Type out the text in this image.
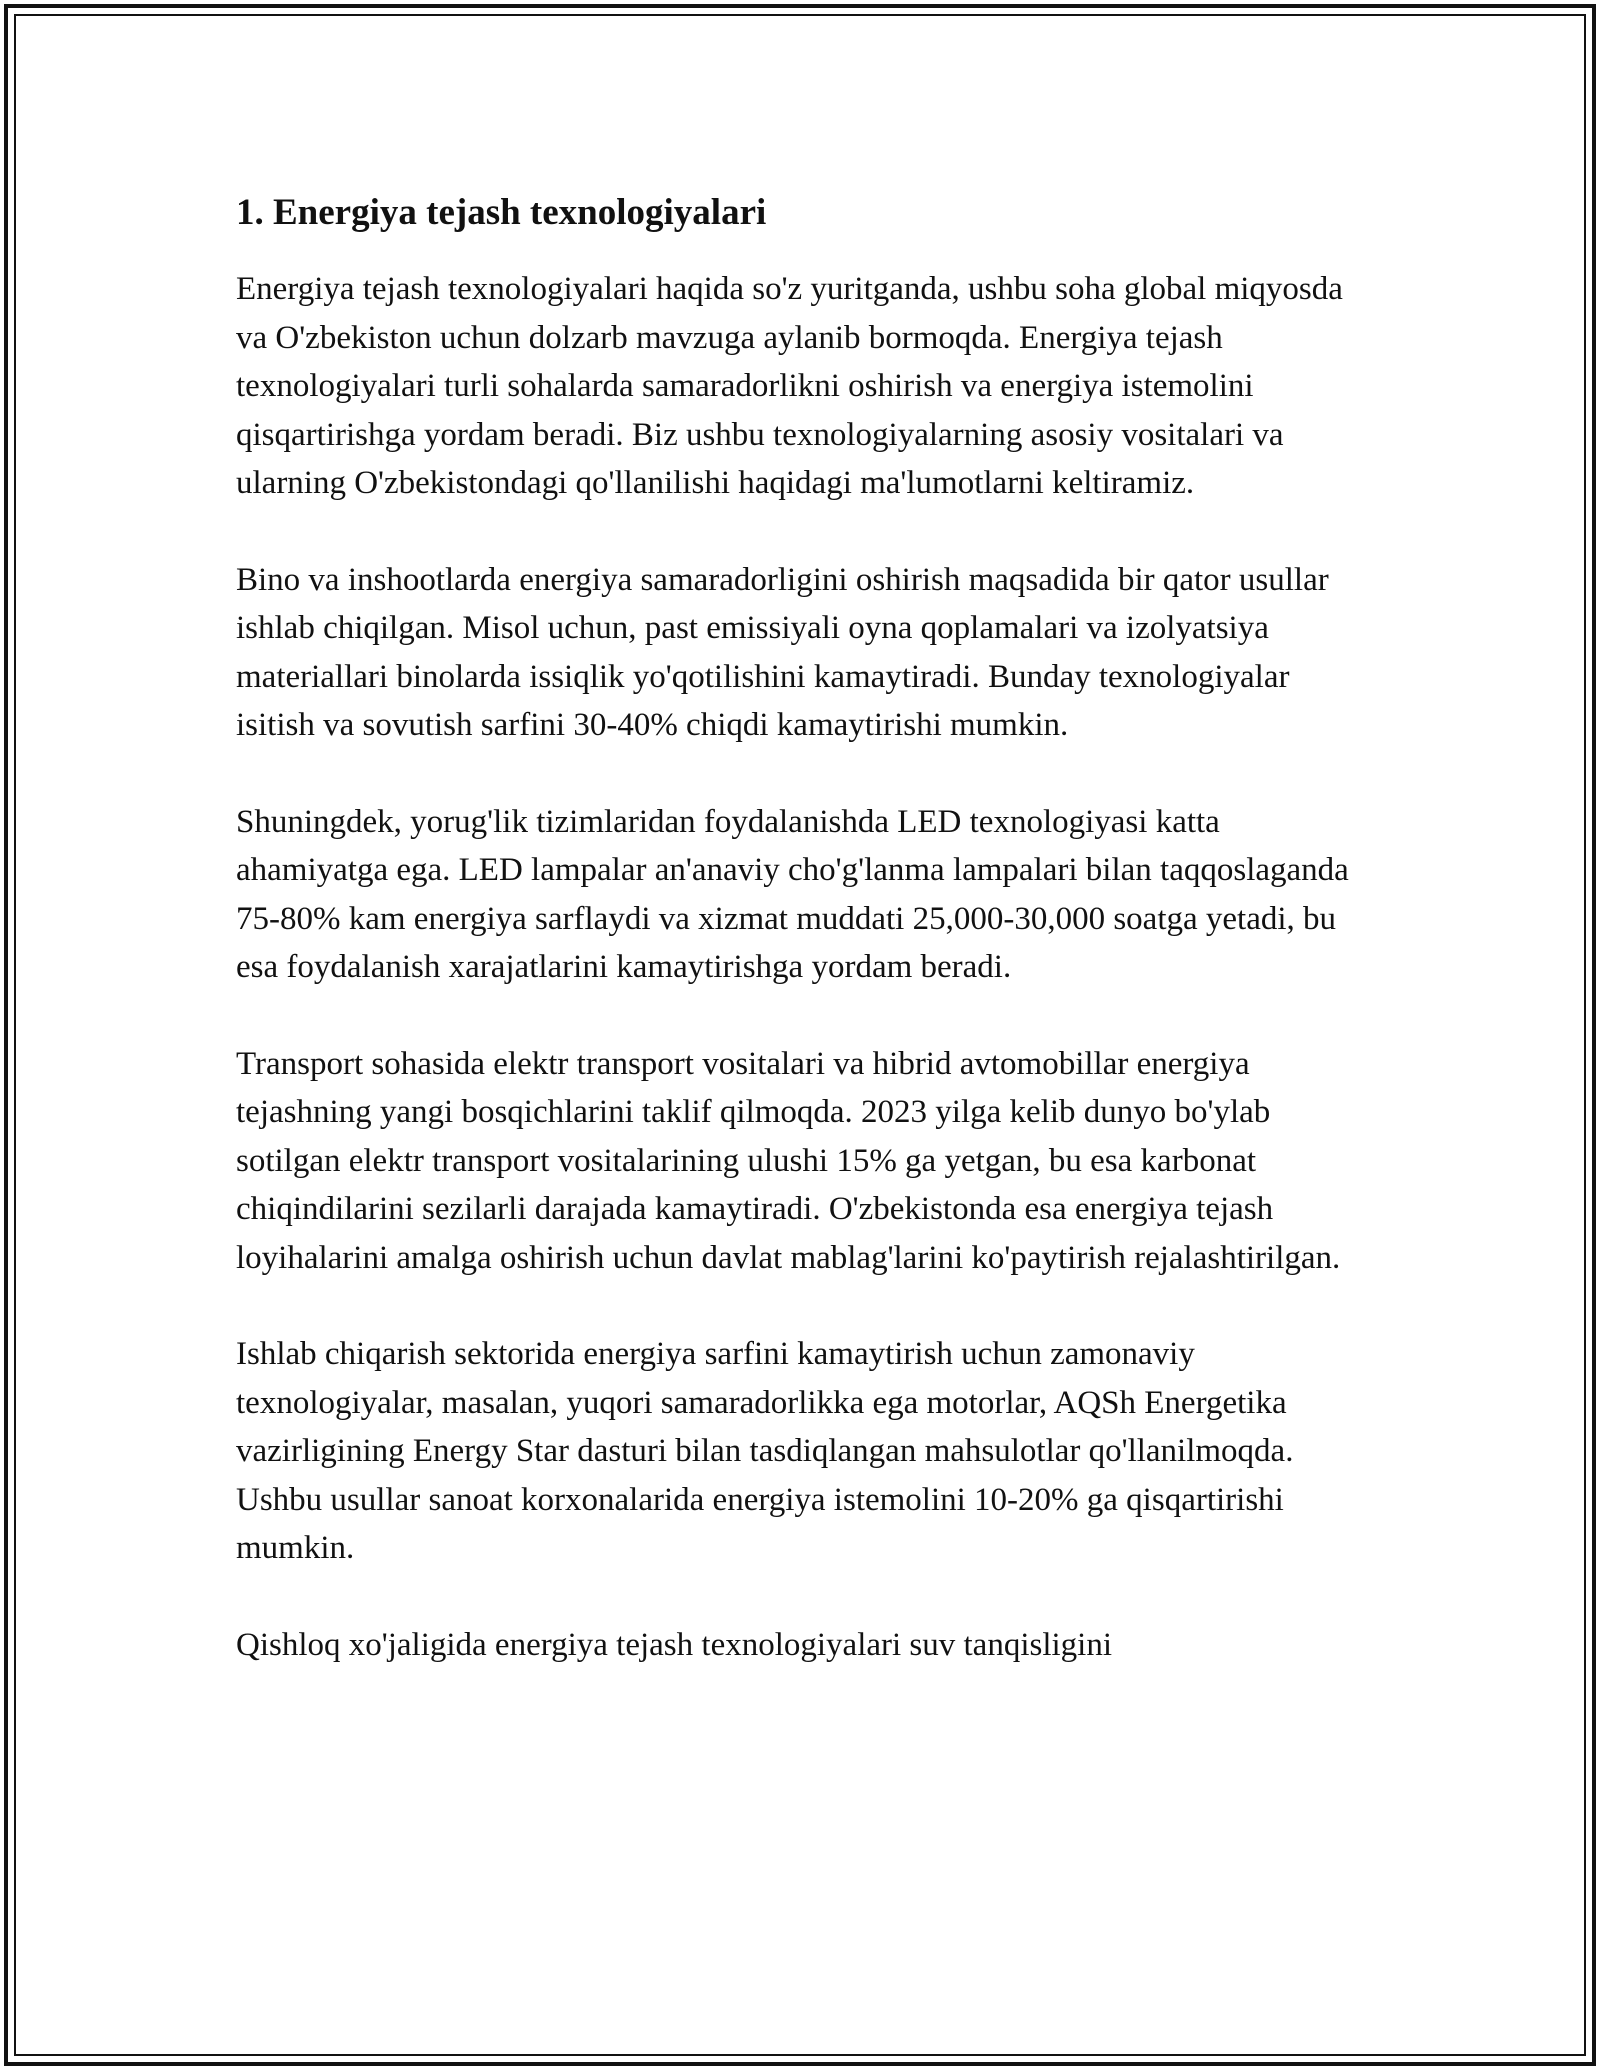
1. Energiya tejash texnologiyalari

Energiya tejash texnologiyalari haqida so'z yuritganda, ushbu soha global miqyosda va O'zbekiston uchun dolzarb mavzuga aylanib bormoqda. Energiya tejash texnologiyalari turli sohalarda samaradorlikni oshirish va energiya istemolini qisqartirishga yordam beradi. Biz ushbu texnologiyalarning asosiy vositalari va ularning O'zbekistondagi qo'llanilishi haqidagi ma'lumotlarni keltiramiz.

Bino va inshootlarda energiya samaradorligini oshirish maqsadida bir qator usullar ishlab chiqilgan. Misol uchun, past emissiyali oyna qoplamalari va izolyatsiya materiallari binolarda issiqlik yo'qotilishini kamaytiradi. Bunday texnologiyalar isitish va sovutish sarfini 30-40% chiqdi kamaytirishi mumkin.

Shuningdek, yorug'lik tizimlaridan foydalanishda LED texnologiyasi katta ahamiyatga ega. LED lampalar an'anaviy cho'g'lanma lampalari bilan taqqoslaganda 75-80% kam energiya sarflaydi va xizmat muddati 25,000-30,000 soatga yetadi, bu esa foydalanish xarajatlarini kamaytirishga yordam beradi.

Transport sohasida elektr transport vositalari va hibrid avtomobillar energiya tejashning yangi bosqichlarini taklif qilmoqda. 2023 yilga kelib dunyo bo'ylab sotilgan elektr transport vositalarining ulushi 15% ga yetgan, bu esa karbonat chiqindilarini sezilarli darajada kamaytiradi. O'zbekistonda esa energiya tejash loyihalarini amalga oshirish uchun davlat mablag'larini ko'paytirish rejalashtirilgan.

Ishlab chiqarish sektorida energiya sarfini kamaytirish uchun zamonaviy texnologiyalar, masalan, yuqori samaradorlikka ega motorlar, AQSh Energetika vazirligining Energy Star dasturi bilan tasdiqlangan mahsulotlar qo'llanilmoqda. Ushbu usullar sanoat korxonalarida energiya istemolini 10-20% ga qisqartirishi mumkin.

Qishloq xo'jaligida energiya tejash texnologiyalari suv tanqisligini
